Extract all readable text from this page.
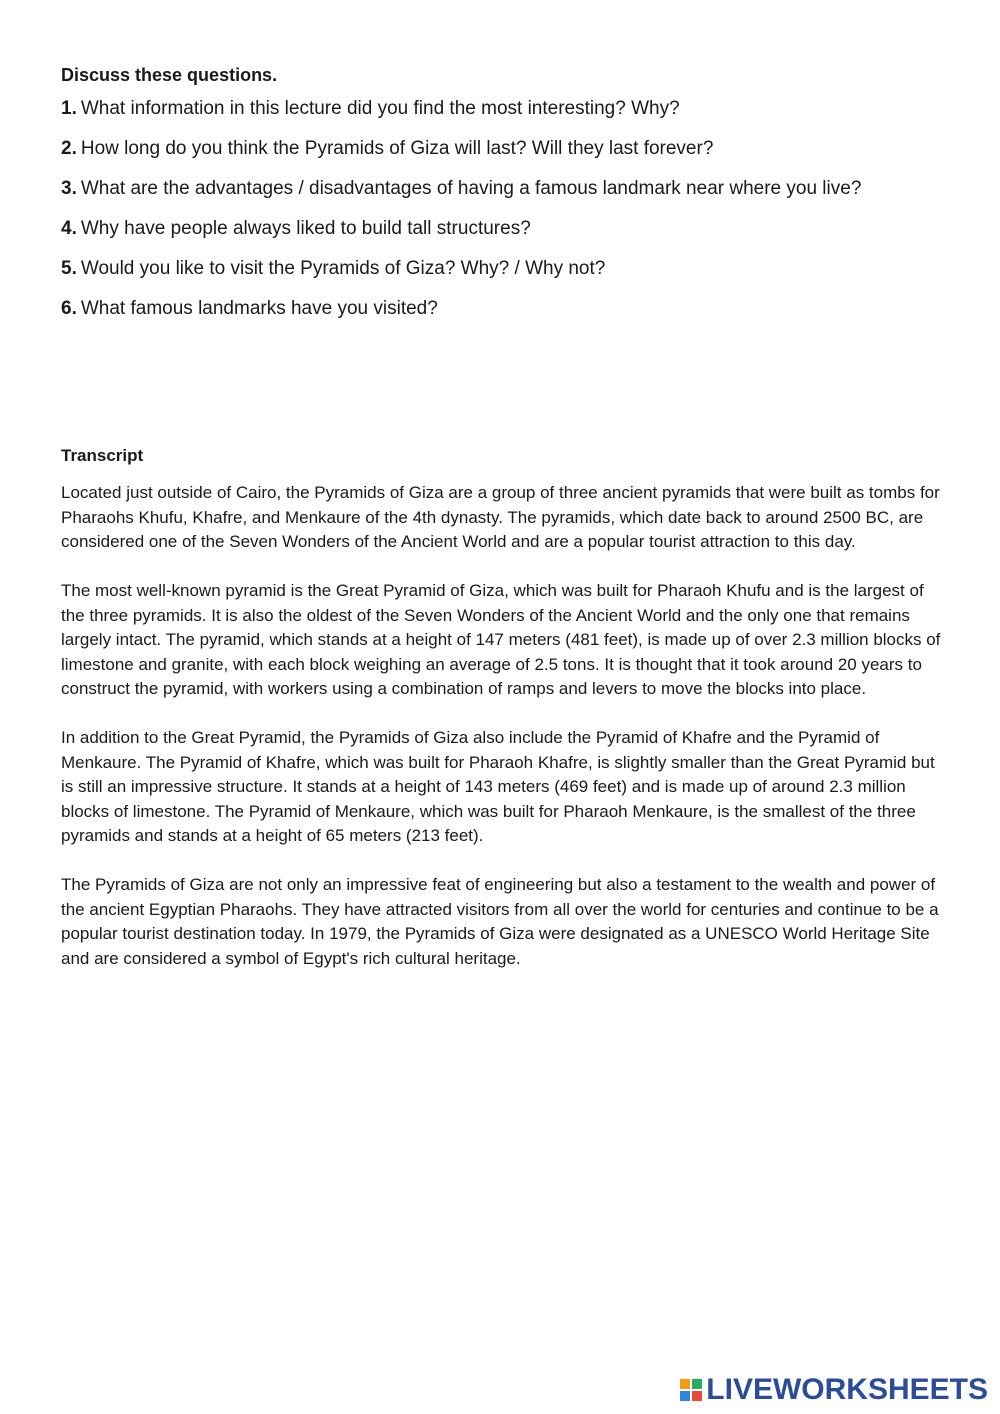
Discuss these questions.
1. What information in this lecture did you find the most interesting? Why?
2. How long do you think the Pyramids of Giza will last? Will they last forever?
3. What are the advantages / disadvantages of having a famous landmark near where you live?
4. Why have people always liked to build tall structures?
5. Would you like to visit the Pyramids of Giza? Why? / Why not?
6. What famous landmarks have you visited?
Transcript

Located just outside of Cairo, the Pyramids of Giza are a group of three ancient pyramids that were built as tombs for Pharaohs Khufu, Khafre, and Menkaure of the 4th dynasty. The pyramids, which date back to around 2500 BC, are considered one of the Seven Wonders of the Ancient World and are a popular tourist attraction to this day.

The most well-known pyramid is the Great Pyramid of Giza, which was built for Pharaoh Khufu and is the largest of the three pyramids. It is also the oldest of the Seven Wonders of the Ancient World and the only one that remains largely intact. The pyramid, which stands at a height of 147 meters (481 feet), is made up of over 2.3 million blocks of limestone and granite, with each block weighing an average of 2.5 tons. It is thought that it took around 20 years to construct the pyramid, with workers using a combination of ramps and levers to move the blocks into place.

In addition to the Great Pyramid, the Pyramids of Giza also include the Pyramid of Khafre and the Pyramid of Menkaure. The Pyramid of Khafre, which was built for Pharaoh Khafre, is slightly smaller than the Great Pyramid but is still an impressive structure. It stands at a height of 143 meters (469 feet) and is made up of around 2.3 million blocks of limestone. The Pyramid of Menkaure, which was built for Pharaoh Menkaure, is the smallest of the three pyramids and stands at a height of 65 meters (213 feet).

The Pyramids of Giza are not only an impressive feat of engineering but also a testament to the wealth and power of the ancient Egyptian Pharaohs. They have attracted visitors from all over the world for centuries and continue to be a popular tourist destination today. In 1979, the Pyramids of Giza were designated as a UNESCO World Heritage Site and are considered a symbol of Egypt's rich cultural heritage.

LIVEWORKSHEETS
